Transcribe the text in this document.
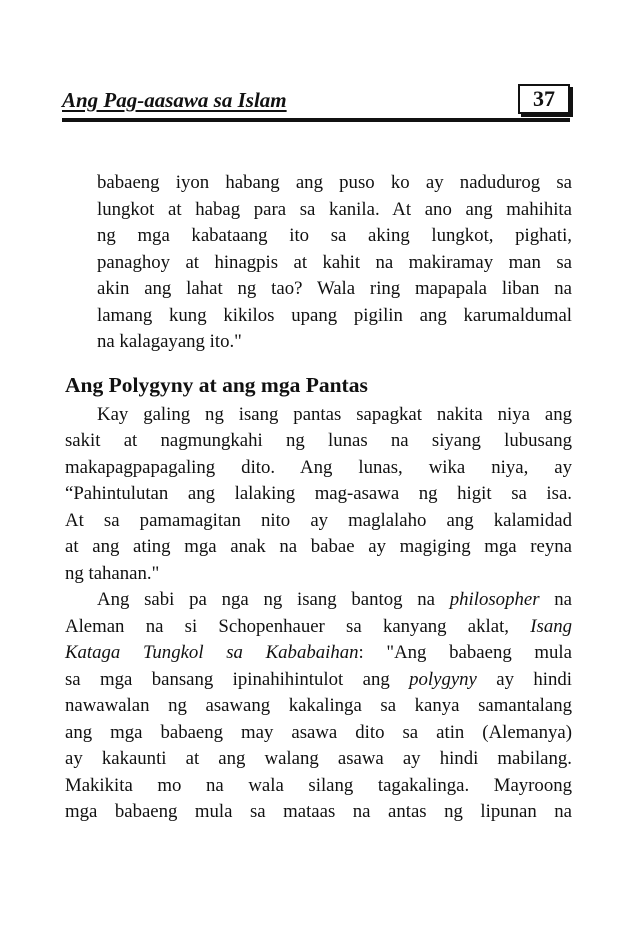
Ang Pag-aasawa sa Islam	37
babaeng iyon habang ang puso ko ay nadudurog sa
lungkot at habag para sa kanila. At ano ang mahihita
ng mga kabataang ito sa aking lungkot, pighati,
panaghoy at hinagpis at kahit na makiramay man sa
akin ang lahat ng tao? Wala ring mapapala liban na
lamang kung kikilos upang pigilin ang karumaldumal
na kalagayang ito."
Ang Polygyny at ang mga Pantas
Kay galing ng isang pantas sapagkat nakita niya ang
sakit at nagmungkahi ng lunas na siyang lubusang
makapagpapagaling dito. Ang lunas, wika niya, ay
“Pahintulutan ang lalaking mag-asawa ng higit sa isa.
At sa pamamagitan nito ay maglalaho ang kalamidad
at ang ating mga anak na babae ay magiging mga reyna
ng tahanan."
Ang sabi pa nga ng isang bantog na philosopher na
Aleman na si Schopenhauer sa kanyang aklat, Isang
Kataga Tungkol sa Kababaihan: "Ang babaeng mula
sa mga bansang ipinahihintulot ang polygyny ay hindi
nawawalan ng asawang kakalinga sa kanya samantalang
ang mga babaeng may asawa dito sa atin (Alemanya)
ay kakaunti at ang walang asawa ay hindi mabilang.
Makikita mo na wala silang tagakalinga. Mayroong
mga babaeng mula sa mataas na antas ng lipunan na
